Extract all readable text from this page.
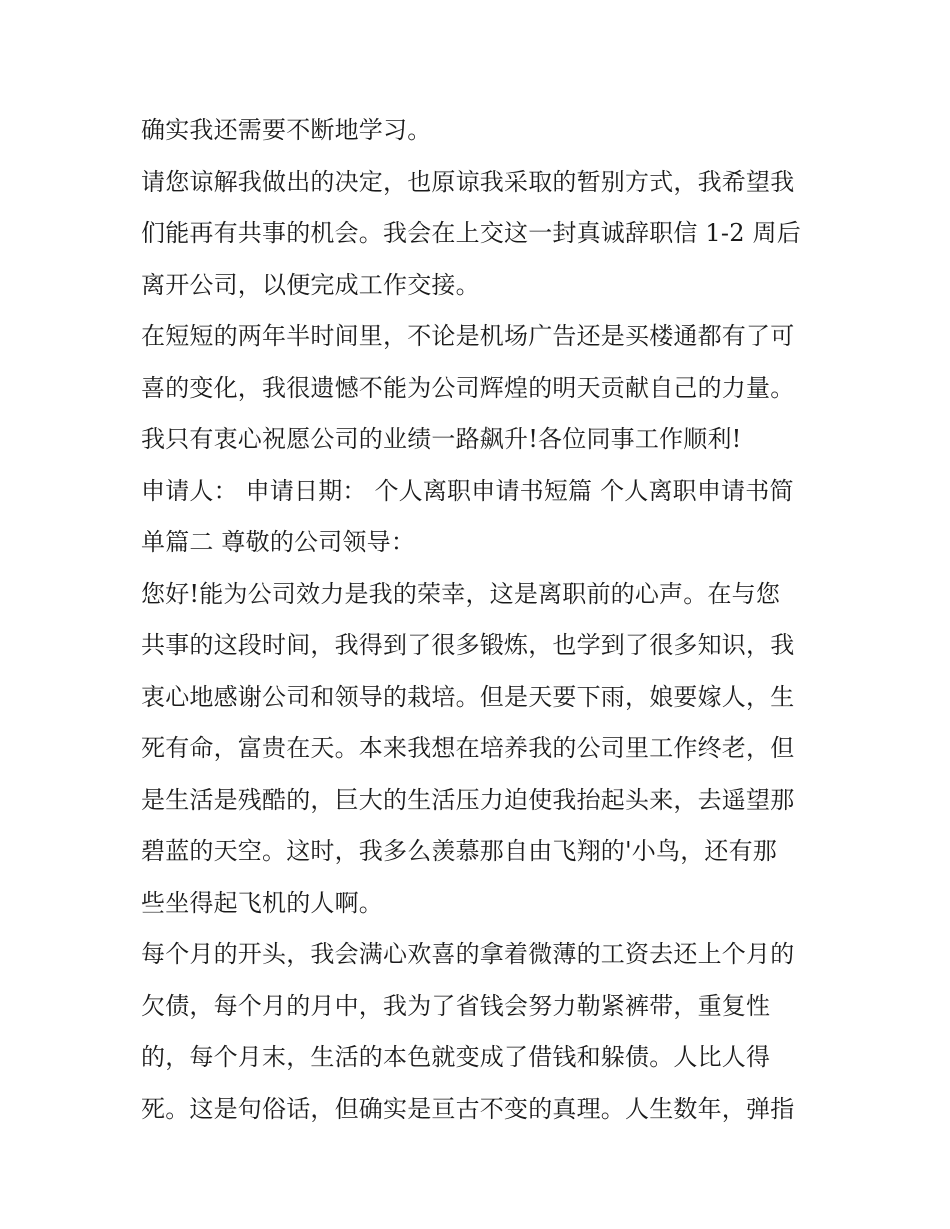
确实我还需要不断地学习。
请您谅解我做出的决定，也原谅我采取的暂别方式，我希望我
们能再有共事的机会。我会在上交这一封真诚辞职信 1-2 周后
离开公司，以便完成工作交接。
在短短的两年半时间里，不论是机场广告还是买楼通都有了可
喜的变化，我很遗憾不能为公司辉煌的明天贡献自己的力量。
我只有衷心祝愿公司的业绩一路飙升!各位同事工作顺利!
申请人： 申请日期： 个人离职申请书短篇 个人离职申请书简
单篇二 尊敬的公司领导：
您好!能为公司效力是我的荣幸，这是离职前的心声。在与您
共事的这段时间，我得到了很多锻炼，也学到了很多知识，我
衷心地感谢公司和领导的栽培。但是天要下雨，娘要嫁人，生
死有命，富贵在天。本来我想在培养我的公司里工作终老，但
是生活是残酷的，巨大的生活压力迫使我抬起头来，去遥望那
碧蓝的天空。这时，我多么羡慕那自由飞翔的'小鸟，还有那
些坐得起飞机的人啊。
每个月的开头，我会满心欢喜的拿着微薄的工资去还上个月的
欠债，每个月的月中，我为了省钱会努力勒紧裤带，重复性
的，每个月末，生活的本色就变成了借钱和躲债。人比人得
死。这是句俗话，但确实是亘古不变的真理。人生数年，弹指
